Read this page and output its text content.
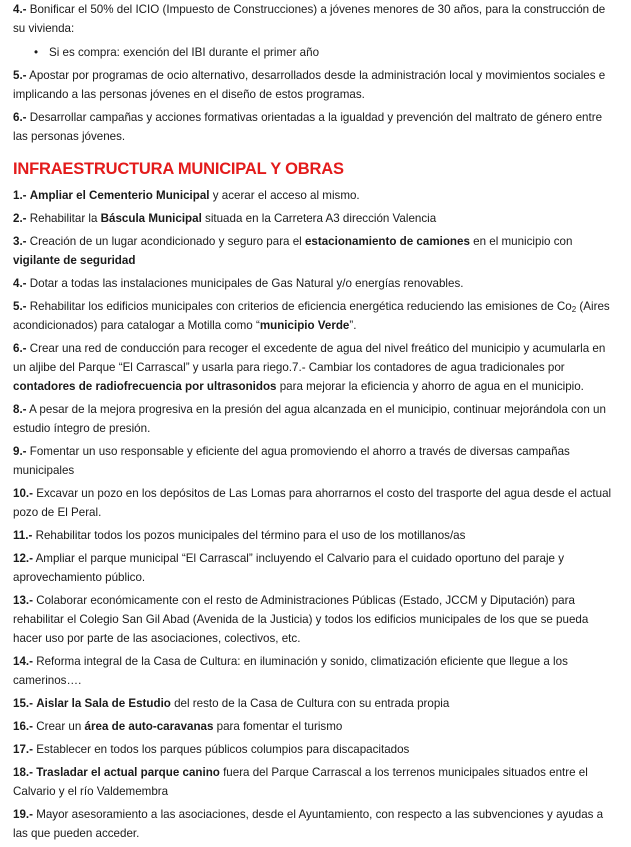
4.- Bonificar el 50% del ICIO (Impuesto de Construcciones) a jóvenes menores de 30 años, para la construcción de su vivienda:

• Si es compra: exención del IBI durante el primer año

5.- Apostar por programas de ocio alternativo, desarrollados desde la administración local y movimientos sociales e implicando a las personas jóvenes en el diseño de estos programas.

6.- Desarrollar campañas y acciones formativas orientadas a la igualdad y prevención del maltrato de género entre las personas jóvenes.

INFRAESTRUCTURA MUNICIPAL Y OBRAS

1.- Ampliar el Cementerio Municipal y acerar el acceso al mismo.

2.- Rehabilitar la Báscula Municipal situada en la Carretera A3 dirección Valencia

3.- Creación de un lugar acondicionado y seguro para el estacionamiento de camiones en el municipio con vigilante de seguridad

4.- Dotar a todas las instalaciones municipales de Gas Natural y/o energías renovables.

5.- Rehabilitar los edificios municipales con criterios de eficiencia energética reduciendo las emisiones de $Co_2$ (Aires acondicionados) para catalogar a Motilla como “municipio Verde”.

6.- Crear una red de conducción para recoger el excedente de agua del nivel freático del municipio y acumularla en un aljibe del Parque “El Carrascal” y usarla para riego.7.- Cambiar los contadores de agua tradicionales por contadores de radiofrecuencia por ultrasonidos para mejorar la eficiencia y ahorro de agua en el municipio.

8.- A pesar de la mejora progresiva en la presión del agua alcanzada en el municipio, continuar mejorándola con un estudio íntegro de presión.

9.- Fomentar un uso responsable y eficiente del agua promoviendo el ahorro a través de diversas campañas municipales

10.- Excavar un pozo en los depósitos de Las Lomas para ahorrarnos el costo del trasporte del agua desde el actual pozo de El Peral.

11.- Rehabilitar todos los pozos municipales del término para el uso de los motillanos/as

12.- Ampliar el parque municipal “El Carrascal” incluyendo el Calvario para el cuidado oportuno del paraje y aprovechamiento público.

13.- Colaborar económicamente con el resto de Administraciones Públicas (Estado, JCCM y Diputación) para rehabilitar el Colegio San Gil Abad (Avenida de la Justicia) y todos los edificios municipales de los que se pueda hacer uso por parte de las asociaciones, colectivos, etc.

14.- Reforma integral de la Casa de Cultura: en iluminación y sonido, climatización eficiente que llegue a los camerinos….

15.- Aislar la Sala de Estudio del resto de la Casa de Cultura con su entrada propia

16.- Crear un área de auto-caravanas para fomentar el turismo

17.- Establecer en todos los parques públicos columpios para discapacitados

18.- Trasladar el actual parque canino fuera del Parque Carrascal a los terrenos municipales situados entre el Calvario y el río Valdemembra

19.- Mayor asesoramiento a las asociaciones, desde el Ayuntamiento, con respecto a las subvenciones y ayudas a las que pueden acceder.
